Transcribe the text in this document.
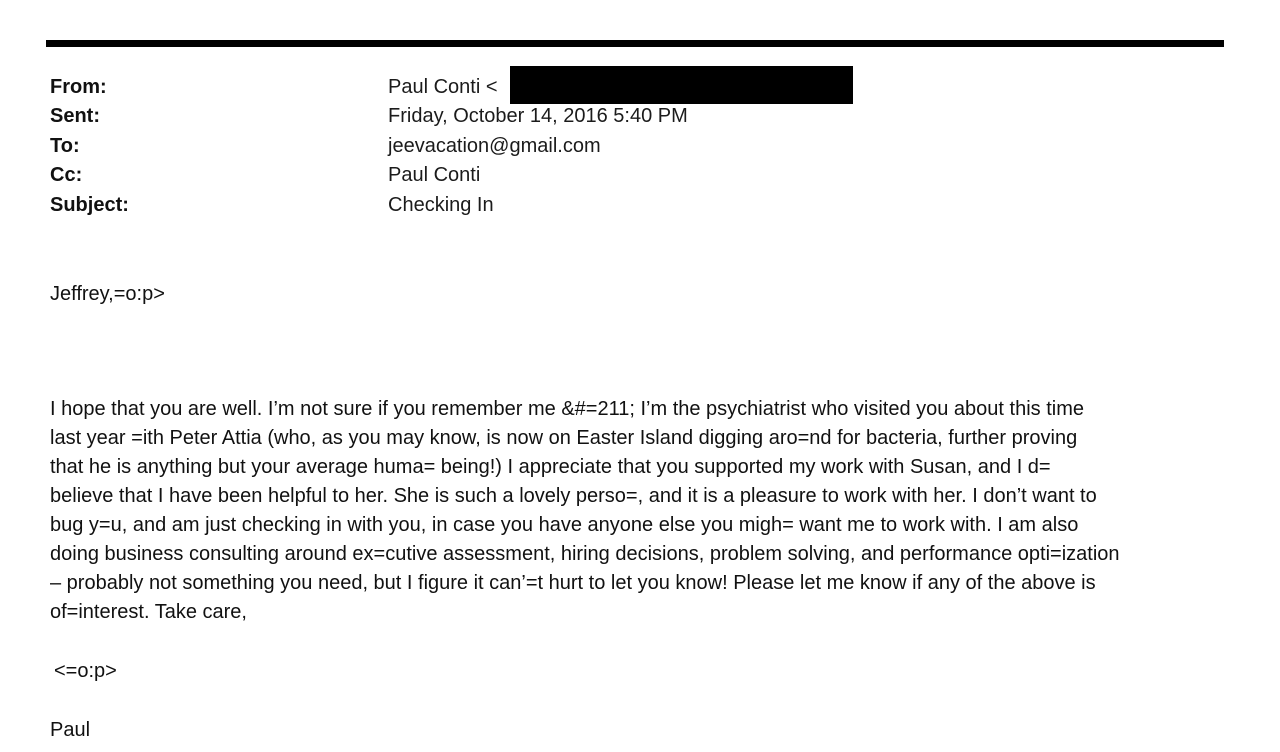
From:	Paul Conti <
Sent:	Friday, October 14, 2016 5:40 PM
To:	jeevacation@gmail.com
Cc:	Paul Conti
Subject:	Checking In
Jeffrey,=o:p>
I hope that you are well. I’m not sure if you remember me &#=211; I’m the psychiatrist who visited you about this time
last year =ith Peter Attia (who, as you may know, is now on Easter Island digging aro=nd for bacteria, further proving
that he is anything but your average huma= being!) I appreciate that you supported my work with Susan, and I d=
believe that I have been helpful to her. She is such a lovely perso=, and it is a pleasure to work with her. I don’t want to
bug y=u, and am just checking in with you, in case you have anyone else you migh= want me to work with. I am also
doing business consulting around ex=cutive assessment, hiring decisions, problem solving, and performance opti=ization
– probably not something you need, but I figure it can’=t hurt to let you know! Please let me know if any of the above is
of=interest. Take care,
<=o:p>
Paul
